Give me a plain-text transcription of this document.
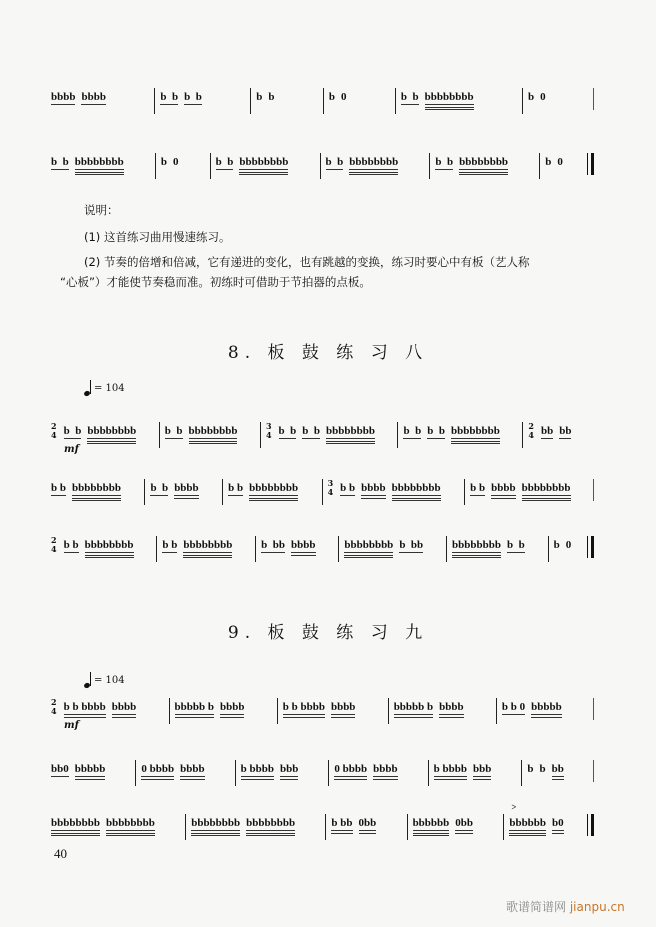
bbbb bbbb	b  b b  b	b b	b 0	b  b bbbbbbbb	b 0
b  b bbbbbbbb	b 0	b  b bbbbbbbb	b  b bbbbbbbb	b  b bbbbbbbb	b 0
说明：
(1) 这首练习曲用慢速练习。
(2) 节奏的倍增和倍减，它有递进的变化，也有跳越的变换，练习时要心中有板（艺人称
“心板”）才能使节奏稳而准。初练时可借助于节拍器的点板。
8. 板 鼓 练 习 八
= 104
2
4
mf
b  b bbbbbbbb	b  b bbbbbbbb	3
4 b  b b  b bbbbbbbb	b  b b  b bbbbbbbb	2
4 bb bb
b b bbbbbbbb	b  b bbbb	b b bbbbbbbb	3
4 b b bbbb bbbbbbbb	b b bbbb bbbbbbbb
2
4 b b bbbbbbbb	b b bbbbbbbb	b  bb bbbb	bbbbbbbb b  bb	bbbbbbbb b  b	b 0
9. 板 鼓 练 习 九
= 104
2
4
mf
b b bbbb bbbb	bbbbb b bbbb	b b bbbb bbbb	bbbbb b bbbb	b b 0 bbbbb
bb0 bbbbb	0 bbbb bbbb	b bbbb bbb	0 bbbb bbbb	b bbbb bbb	b b bb
bbbbbbbb bbbbbbbb	bbbbbbbb bbbbbbbb	b bb 0bb	bbbbbb 0bb	bbbbbb
>
b0
40
歌谱简谱网 jianpu.cn
